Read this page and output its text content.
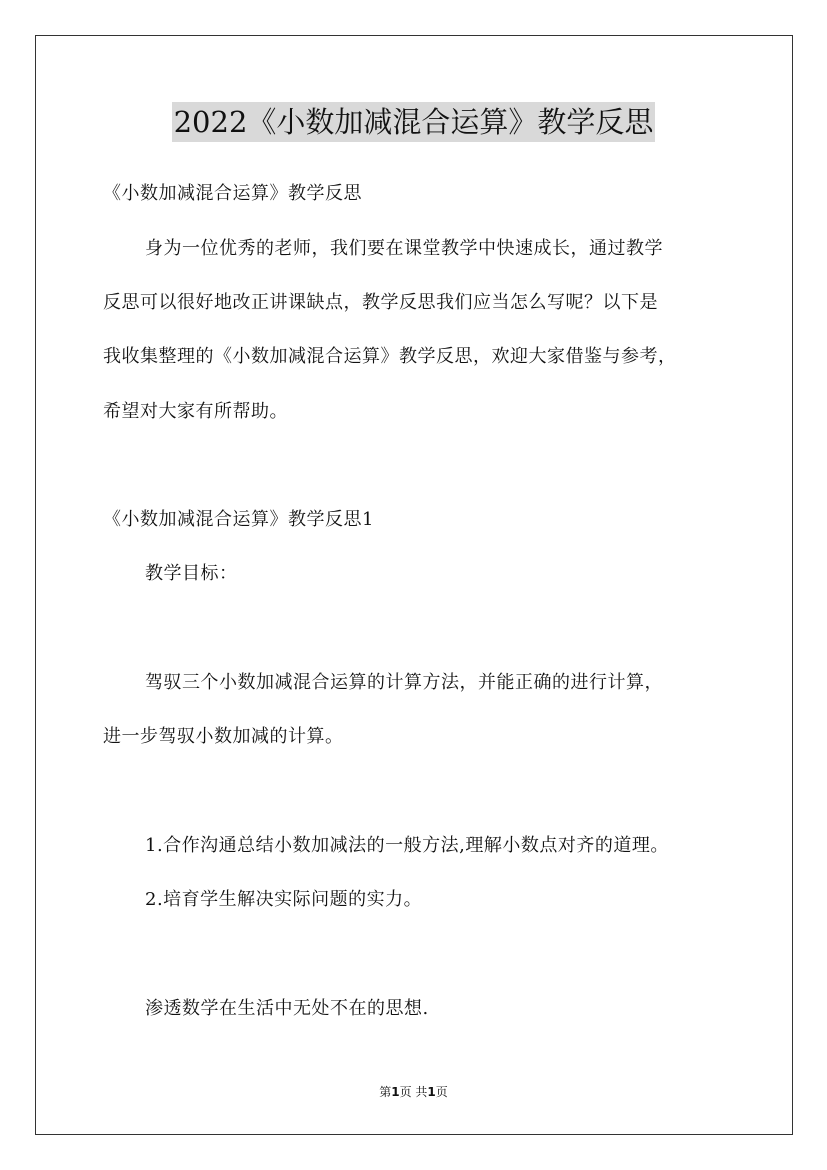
2022《小数加减混合运算》教学反思
《小数加减混合运算》教学反思
身为一位优秀的老师，我们要在课堂教学中快速成长，通过教学
反思可以很好地改正讲课缺点，教学反思我们应当怎么写呢？以下是
我收集整理的《小数加减混合运算》教学反思，欢迎大家借鉴与参考，
希望对大家有所帮助。
《小数加减混合运算》教学反思1
教学目标：
驾驭三个小数加减混合运算的计算方法，并能正确的进行计算，
进一步驾驭小数加减的计算。
1.合作沟通总结小数加减法的一般方法,理解小数点对齐的道理。
2.培育学生解决实际问题的实力。
渗透数学在生活中无处不在的思想.
第1页 共1页
